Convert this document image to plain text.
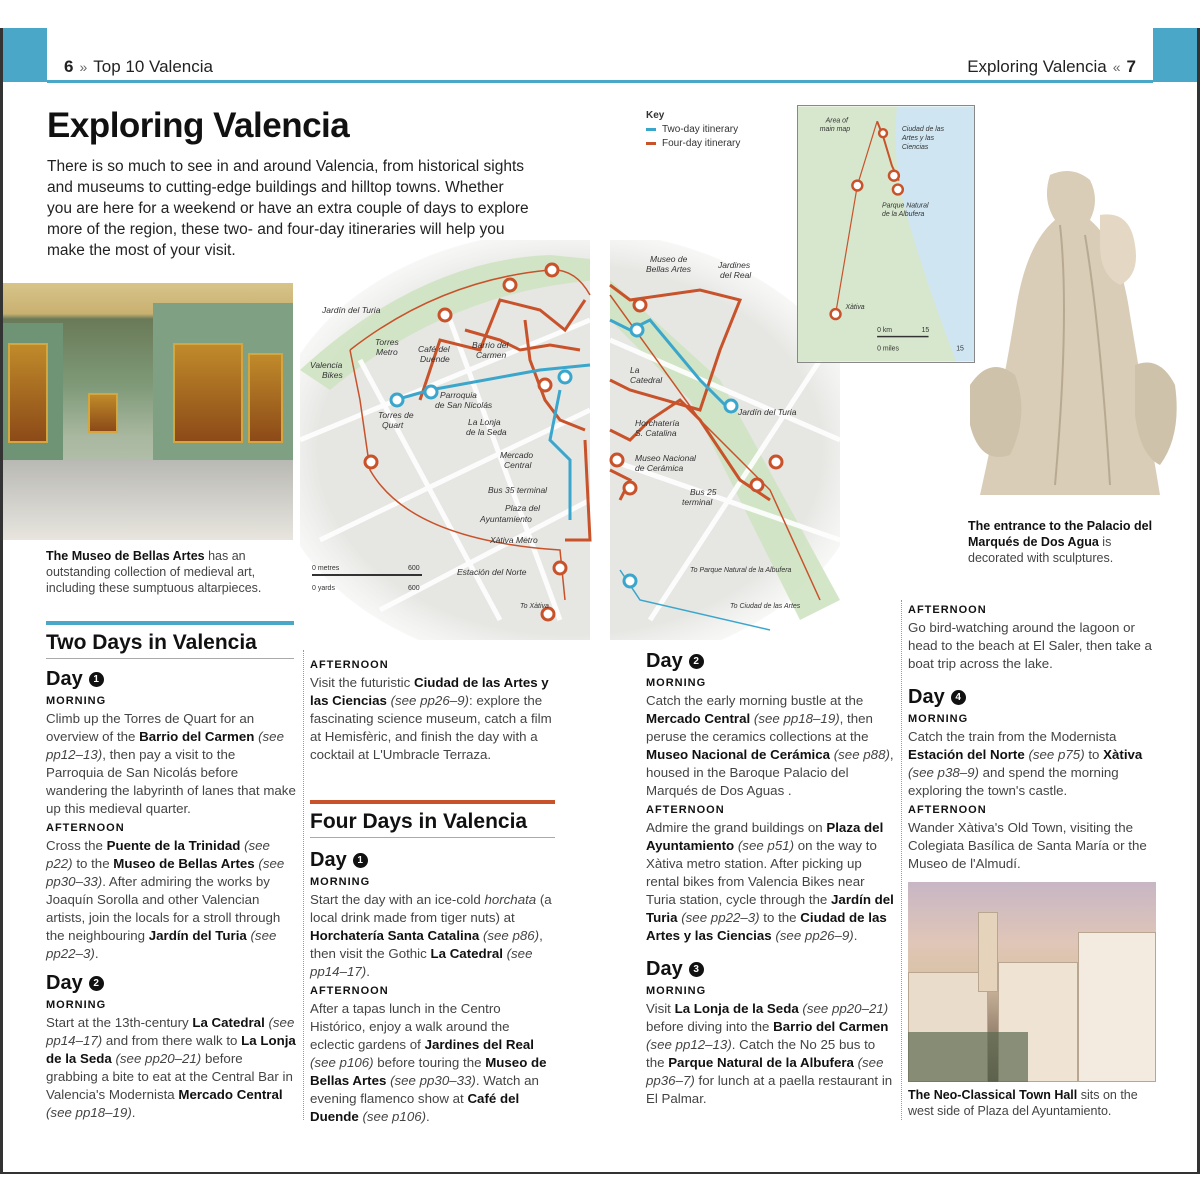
6 » Top 10 Valencia	Exploring Valencia « 7
Exploring Valencia

There is so much to see in and around Valencia, from historical sights and museums to cutting-edge buildings and hilltop towns. Whether you are here for a weekend or have an extra couple of days to explore more of the region, these two- and four-day itineraries will help you make the most of your visit.

The Museo de Bellas Artes has an outstanding collection of medieval art, including these sumptuous altarpieces.
Jardín del Turia
Torres
Metro Café del
Duende
Barrio del
Carmen
Valencia
Bikes
Parroquia
de San Nicolás
Torres de
Quart	La Lonja
de la Seda
Mercado
Central
Bus 35 terminal
Plaza del
Ayuntamiento
Xàtiva Metro
Estación del Norte
Museo de
Bellas Artes	Jardines
del Real
La
Catedral
Jardín del Turia
Horchatería
S. Catalina
Museo Nacional
de Cerámica
Bus 25
terminal
To Parque Natural de la Albufera
To Ciudad de las Artes
To Xàtiva
0 metres	600
0 yards	600
Key
Two-day itinerary
Four-day itinerary
Area of
main map	Ciudad de las
Artes y las
Ciencias
Parque Natural
de la Albufera
Xàtiva
0 km	15
0 miles	15
The entrance to the Palacio del Marqués de Dos Agua is decorated with sculptures.
Two Days in Valencia
Day	1
MORNING

Climb up the Torres de Quart for an overview of the Barrio del Carmen (see pp12–13), then pay a visit to the Parroquia de San Nicolás before wandering the labyrinth of lanes that make up this medieval quarter.

AFTERNOON

Cross the Puente de la Trinidad (see p22) to the Museo de Bellas Artes (see pp30–33). After admiring the works by Joaquín Sorolla and other Valencian artists, join the locals for a stroll through the neighbouring Jardín del Turia (see pp22–3).

Day	2
MORNING

Start at the 13th-century La Catedral (see pp14–17) and from there walk to La Lonja de la Seda (see pp20–21) before grabbing a bite to eat at the Central Bar in Valencia's Modernista Mercado Central (see pp18–19).

AFTERNOON

Visit the futuristic Ciudad de las Artes y las Ciencias (see pp26–9): explore the fascinating science museum, catch a film at Hemisfèric, and finish the day with a cocktail at L'Umbracle Terraza.

Four Days in Valencia
Day	1
MORNING

Start the day with an ice-cold horchata (a local drink made from tiger nuts) at Horchatería Santa Catalina (see p86), then visit the Gothic La Catedral (see pp14–17).

AFTERNOON

After a tapas lunch in the Centro Histórico, enjoy a walk around the eclectic gardens of Jardines del Real (see p106) before touring the Museo de Bellas Artes (see pp30–33). Watch an evening flamenco show at Café del Duende (see p106).

Day	2
MORNING

Catch the early morning bustle at the Mercado Central (see pp18–19), then peruse the ceramics collections at the Museo Nacional de Cerámica (see p88), housed in the Baroque Palacio del Marqués de Dos Aguas .

AFTERNOON

Admire the grand buildings on Plaza del Ayuntamiento (see p51) on the way to Xàtiva metro station. After picking up rental bikes from Valencia Bikes near Turia station, cycle through the Jardín del Turia (see pp22–3) to the Ciudad de las Artes y las Ciencias (see pp26–9).

Day	3
MORNING

Visit La Lonja de la Seda (see pp20–21) before diving into the Barrio del Carmen (see pp12–13). Catch the No 25 bus to the Parque Natural de la Albufera (see pp36–7) for lunch at a paella restaurant in El Palmar.

AFTERNOON

Go bird-watching around the lagoon or head to the beach at El Saler, then take a boat trip across the lake.

Day	4
MORNING

Catch the train from the Modernista Estación del Norte (see p75) to Xàtiva (see p38–9) and spend the morning exploring the town's castle.

AFTERNOON

Wander Xàtiva's Old Town, visiting the Colegiata Basílica de Santa María or the Museo de l'Almudí.

The Neo-Classical Town Hall sits on the west side of Plaza del Ayuntamiento.
